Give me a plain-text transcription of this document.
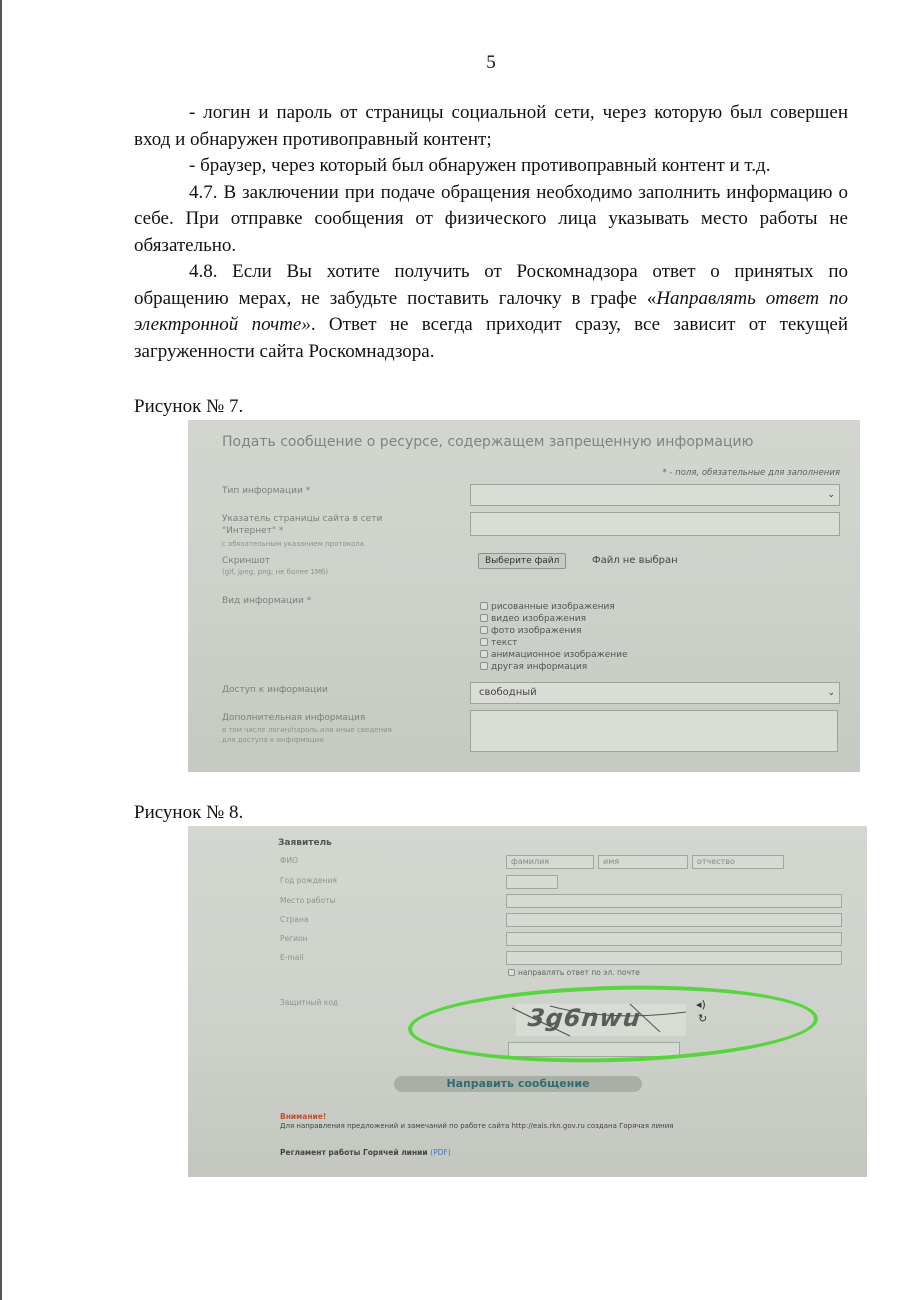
5

- логин и пароль от страницы социальной сети, через которую был совершен вход и обнаружен противоправный контент;

- браузер, через который был обнаружен противоправный контент и т.д.

4.7. В заключении при подаче обращения необходимо заполнить информацию о себе. При отправке сообщения от физического лица указывать место работы не обязательно.

4.8. Если Вы хотите получить от Роскомнадзора ответ о принятых по обращению мерах, не забудьте поставить галочку в графе «Направлять ответ по электронной почте». Ответ не всегда приходит сразу, все зависит от текущей загруженности сайта Роскомнадзора.

Рисунок № 7.
Подать сообщение о ресурсе, содержащем запрещенную информацию
* - поля, обязательные для заполнения
Тип информации *	⌄
Указатель страницы сайта в сети
"Интернет" *
с обязательным указанием протокола
Скриншот
(gif, jpeg, png; не более 1Мб)
Выберите файл	Файл не выбран
Вид информации *
рисованные изображения
видео изображения
фото изображения
текст
анимационное изображение
другая информация
Доступ к информации	свободный	⌄
Дополнительная информация
в том числе логин/пароль или иные сведения
для доступа к информации
Рисунок № 8.
Заявитель
ФИО	фамилия	имя	отчество
Год рождения
Место работы
Страна
Регион
E-mail
направлять ответ по эл. почте
Защитный код
3g6nwu	◂)
↻
Направить сообщение
Внимание!
Для направления предложений и замечаний по работе сайта http://eais.rkn.gov.ru создана Горячая линия
Регламент работы Горячей линии (PDF)
